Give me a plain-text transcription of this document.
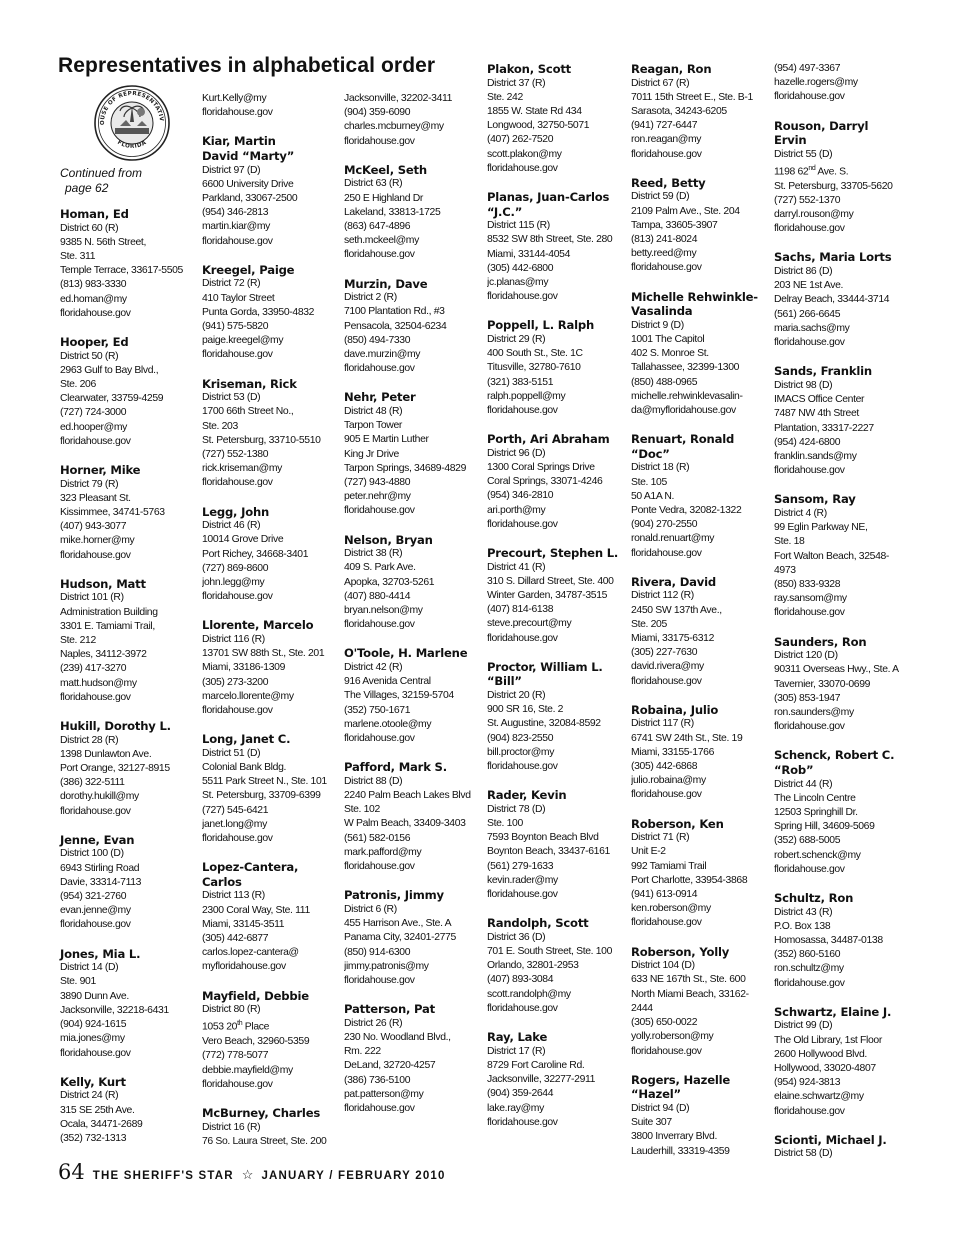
Representatives in alphabetical order
OUSE OF REPRESENTATIV
FLORIDA
Continued from
page 62
Homan, Ed
District 60 (R)
9385 N. 56th Street,
Ste. 311
Temple Terrace, 33617-5505
(813) 983-3330
ed.homan@my
floridahouse.gov
Hooper, Ed
District 50 (R)
2963 Gulf to Bay Blvd.,
Ste. 206
Clearwater, 33759-4259
(727) 724-3000
ed.hooper@my
floridahouse.gov
Horner, Mike
District 79 (R)
323 Pleasant St.
Kissimmee, 34741-5763
(407) 943-3077
mike.horner@my
floridahouse.gov
Hudson, Matt
District 101 (R)
Administration Building
3301 E. Tamiami Trail,
Ste. 212
Naples, 34112-3972
(239) 417-3270
matt.hudson@my
floridahouse.gov
Hukill, Dorothy L.
District 28 (R)
1398 Dunlawton Ave.
Port Orange, 32127-8915
(386) 322-5111
dorothy.hukill@my
floridahouse.gov
Jenne, Evan
District 100 (D)
6943 Stirling Road
Davie, 33314-7113
(954) 321-2760
evan.jenne@my
floridahouse.gov
Jones, Mia L.
District 14 (D)
Ste. 901
3890 Dunn Ave.
Jacksonville, 32218-6431
(904) 924-1615
mia.jones@my
floridahouse.gov
Kelly, Kurt
District 24 (R)
315 SE 25th Ave.
Ocala, 34471-2689
(352) 732-1313
Kurt.Kelly@my
floridahouse.gov
Kiar, Martin
David “Marty”
District 97 (D)
6600 University Drive
Parkland, 33067-2500
(954) 346-2813
martin.kiar@my
floridahouse.gov
Kreegel, Paige
District 72 (R)
410 Taylor Street
Punta Gorda, 33950-4832
(941) 575-5820
paige.kreegel@my
floridahouse.gov
Kriseman, Rick
District 53 (D)
1700 66th Street No.,
Ste. 203
St. Petersburg, 33710-5510
(727) 552-1380
rick.kriseman@my
floridahouse.gov
Legg, John
District 46 (R)
10014 Grove Drive
Port Richey, 34668-3401
(727) 869-8600
john.legg@my
floridahouse.gov
Llorente, Marcelo
District 116 (R)
13701 SW 88th St., Ste. 201
Miami, 33186-1309
(305) 273-3200
marcelo.llorente@my
floridahouse.gov
Long, Janet C.
District 51 (D)
Colonial Bank Bldg.
5511 Park Street N., Ste. 101
St. Petersburg, 33709-6399
(727) 545-6421
janet.long@my
floridahouse.gov
Lopez-Cantera,
Carlos
District 113 (R)
2300 Coral Way, Ste. 111
Miami, 33145-3511
(305) 442-6877
carlos.lopez-cantera@
myfloridahouse.gov
Mayfield, Debbie
District 80 (R)
1053 20th Place
Vero Beach, 32960-5359
(772) 778-5077
debbie.mayfield@my
floridahouse.gov
McBurney, Charles
District 16 (R)
76 So. Laura Street, Ste. 200
Jacksonville, 32202-3411
(904) 359-6090
charles.mcburney@my
floridahouse.gov
McKeel, Seth
District 63 (R)
250 E Highland Dr
Lakeland, 33813-1725
(863) 647-4896
seth.mckeel@my
floridahouse.gov
Murzin, Dave
District 2 (R)
7100 Plantation Rd., #3
Pensacola, 32504-6234
(850) 494-7330
dave.murzin@my
floridahouse.gov
Nehr, Peter
District 48 (R)
Tarpon Tower
905 E Martin Luther
King Jr Drive
Tarpon Springs, 34689-4829
(727) 943-4880
peter.nehr@my
floridahouse.gov
Nelson, Bryan
District 38 (R)
409 S. Park Ave.
Apopka, 32703-5261
(407) 880-4414
bryan.nelson@my
floridahouse.gov
O'Toole, H. Marlene
District 42 (R)
916 Avenida Central
The Villages, 32159-5704
(352) 750-1671
marlene.otoole@my
floridahouse.gov
Pafford, Mark S.
District 88 (D)
2240 Palm Beach Lakes Blvd
Ste. 102
W Palm Beach, 33409-3403
(561) 582-0156
mark.pafford@my
floridahouse.gov
Patronis, Jimmy
District 6 (R)
455 Harrison Ave., Ste. A
Panama City, 32401-2775
(850) 914-6300
jimmy.patronis@my
floridahouse.gov
Patterson, Pat
District 26 (R)
230 No. Woodland Blvd.,
Rm. 222
DeLand, 32720-4257
(386) 736-5100
pat.patterson@my
floridahouse.gov
Plakon, Scott
District 37 (R)
Ste. 242
1855 W. State Rd 434
Longwood, 32750-5071
(407) 262-7520
scott.plakon@my
floridahouse.gov
Planas, Juan-Carlos
“J.C.”
District 115 (R)
8532 SW 8th Street, Ste. 280
Miami, 33144-4054
(305) 442-6800
jc.planas@my
floridahouse.gov
Poppell, L. Ralph
District 29 (R)
400 South St., Ste. 1C
Titusville, 32780-7610
(321) 383-5151
ralph.poppell@my
floridahouse.gov
Porth, Ari Abraham
District 96 (D)
1300 Coral Springs Drive
Coral Springs, 33071-4246
(954) 346-2810
ari.porth@my
floridahouse.gov
Precourt, Stephen L.
District 41 (R)
310 S. Dillard Street, Ste. 400
Winter Garden, 34787-3515
(407) 814-6138
steve.precourt@my
floridahouse.gov
Proctor, William L.
“Bill”
District 20 (R)
900 SR 16, Ste. 2
St. Augustine, 32084-8592
(904) 823-2550
bill.proctor@my
floridahouse.gov
Rader, Kevin
District 78 (D)
Ste. 100
7593 Boynton Beach Blvd
Boynton Beach, 33437-6161
(561) 279-1633
kevin.rader@my
floridahouse.gov
Randolph, Scott
District 36 (D)
701 E. South Street, Ste. 100
Orlando, 32801-2953
(407) 893-3084
scott.randolph@my
floridahouse.gov
Ray, Lake
District 17 (R)
8729 Fort Caroline Rd.
Jacksonville, 32277-2911
(904) 359-2644
lake.ray@my
floridahouse.gov
Reagan, Ron
District 67 (R)
7011 15th Street E., Ste. B-1
Sarasota, 34243-6205
(941) 727-6447
ron.reagan@my
floridahouse.gov
Reed, Betty
District 59 (D)
2109 Palm Ave., Ste. 204
Tampa, 33605-3907
(813) 241-8024
betty.reed@my
floridahouse.gov
Michelle Rehwinkle-
Vasalinda
District 9 (D)
1001 The Capitol
402 S. Monroe St.
Tallahassee, 32399-1300
(850) 488-0965
michelle.rehwinklevasalin-
da@myfloridahouse.gov
Renuart, Ronald
“Doc”
District 18 (R)
Ste. 105
50 A1A N.
Ponte Vedra, 32082-1322
(904) 270-2550
ronald.renuart@my
floridahouse.gov
Rivera, David
District 112 (R)
2450 SW 137th Ave.,
Ste. 205
Miami, 33175-6312
(305) 227-7630
david.rivera@my
floridahouse.gov
Robaina, Julio
District 117 (R)
6741 SW 24th St., Ste. 19
Miami, 33155-1766
(305) 442-6868
julio.robaina@my
floridahouse.gov
Roberson, Ken
District 71 (R)
Unit E-2
992 Tamiami Trail
Port Charlotte, 33954-3868
(941) 613-0914
ken.roberson@my
floridahouse.gov
Roberson, Yolly
District 104 (D)
633 NE 167th St., Ste. 600
North Miami Beach, 33162-
2444
(305) 650-0022
yolly.roberson@my
floridahouse.gov
Rogers, Hazelle
“Hazel”
District 94 (D)
Suite 307
3800 Inverrary Blvd.
Lauderhill, 33319-4359
(954) 497-3367
hazelle.rogers@my
floridahouse.gov
Rouson, Darryl
Ervin
District 55 (D)
1198 62nd Ave. S.
St. Petersburg, 33705-5620
(727) 552-1370
darryl.rouson@my
floridahouse.gov
Sachs, Maria Lorts
District 86 (D)
203 NE 1st Ave.
Delray Beach, 33444-3714
(561) 266-6645
maria.sachs@my
floridahouse.gov
Sands, Franklin
District 98 (D)
IMACS Office Center
7487 NW 4th Street
Plantation, 33317-2227
(954) 424-6800
franklin.sands@my
floridahouse.gov
Sansom, Ray
District 4 (R)
99 Eglin Parkway NE,
Ste. 18
Fort Walton Beach, 32548-
4973
(850) 833-9328
ray.sansom@my
floridahouse.gov
Saunders, Ron
District 120 (D)
90311 Overseas Hwy., Ste. A
Tavernier, 33070-0699
(305) 853-1947
ron.saunders@my
floridahouse.gov
Schenck, Robert C.
“Rob”
District 44 (R)
The Lincoln Centre
12503 Springhill Dr.
Spring Hill, 34609-5069
(352) 688-5005
robert.schenck@my
floridahouse.gov
Schultz, Ron
District 43 (R)
P.O. Box 138
Homosassa, 34487-0138
(352) 860-5160
ron.schultz@my
floridahouse.gov
Schwartz, Elaine J.
District 99 (D)
The Old Library, 1st Floor
2600 Hollywood Blvd.
Hollywood, 33020-4807
(954) 924-3813
elaine.schwartz@my
floridahouse.gov
Scionti, Michael J.
District 58 (D)
64 THE SHERIFF'S STAR ☆ JANUARY / FEBRUARY 2010
